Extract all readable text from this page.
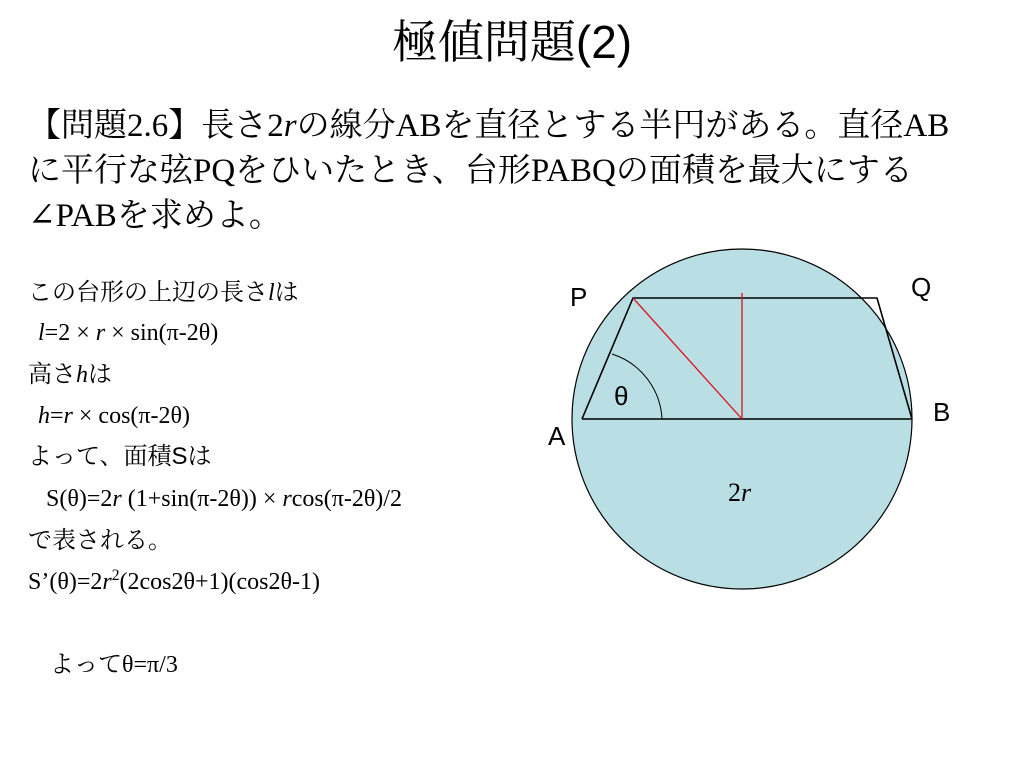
極値問題(2)
【問題2.6】長さ2rの線分ABを直径とする半円がある。直径ABに平行な弦PQをひいたとき、台形PABQの面積を最大にする∠PABを求めよ。
この台形の上辺の長さlは
l=2 × r × sin(π-2θ)
高さhは
h=r × cos(π-2θ)
よって、面積Sは
S(θ)=2r (1+sin(π-2θ)) × rcos(π-2θ)/2
で表される。
$S’(\theta)=2r^2(2\cos 2\theta+1)(\cos 2\theta-1)$
よってθ=π/3
P	Q
A
B
θ
2r
